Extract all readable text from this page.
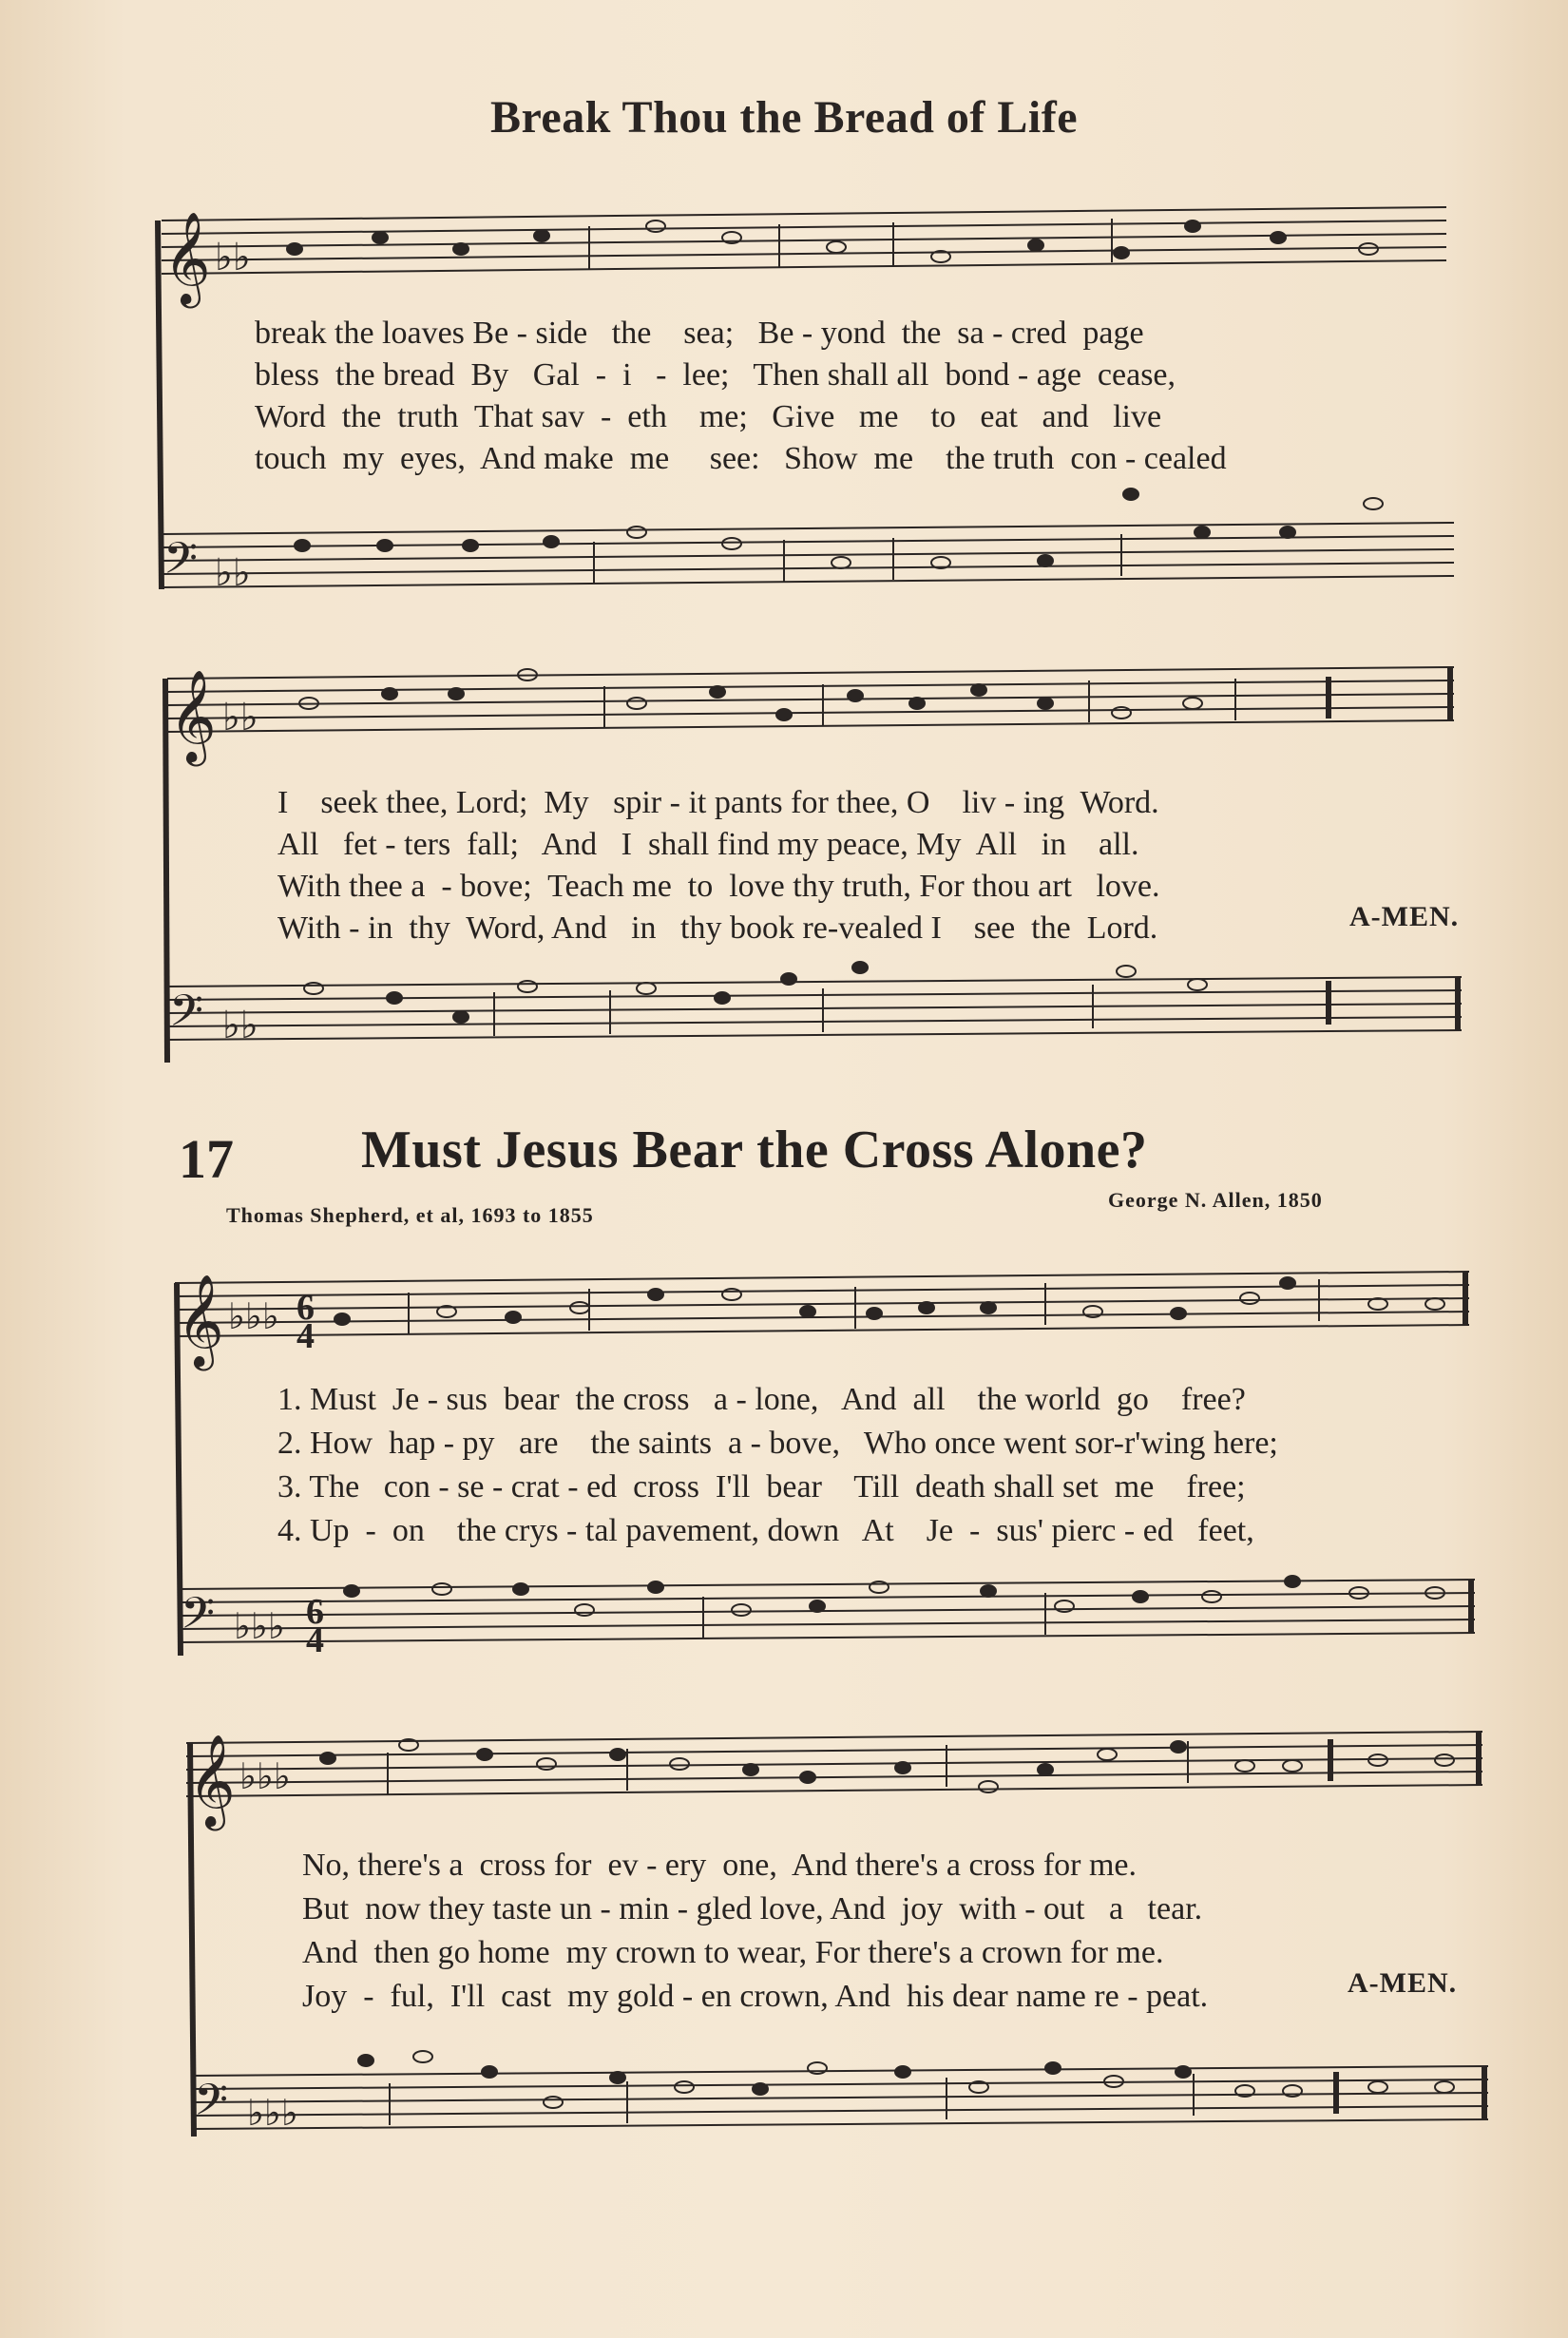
Break Thou the Bread of Life
𝄞
𝄢
𝄞
𝄢
𝄞
𝄢
𝄞
𝄢
♭♭
♭♭
♭♭
♭♭
♭♭♭
♭♭♭
♭♭♭
♭♭♭
6
4
6
4
break the loaves Be - side   the    sea;   Be - yond  the  sa - cred  page
bless  the bread  By   Gal  -  i   -  lee;   Then shall all  bond - age  cease,
Word  the  truth  That sav  -  eth    me;   Give   me    to   eat   and   live
touch  my  eyes,  And make  me     see:   Show  me    the truth  con - cealed
I    seek thee, Lord;  My   spir - it pants for thee, O    liv - ing  Word.
All   fet - ters  fall;   And   I  shall find my peace, My  All   in    all.
With thee a  - bove;  Teach me  to  love thy truth, For thou art   love.
With - in  thy  Word, And   in   thy book re-vealed I    see  the  Lord.	A-MEN.
17 Must Jesus Bear the Cross Alone?
Thomas Shepherd, et al, 1693 to 1855
George N. Allen, 1850
1. Must  Je - sus  bear  the cross   a - lone,   And  all    the world  go    free?
2. How  hap - py   are    the saints  a - bove,   Who once went sor-r'wing here;
3. The   con - se - crat - ed  cross  I'll  bear    Till  death shall set  me    free;
4. Up  -  on    the crys - tal pavement, down   At    Je  -  sus' pierc - ed   feet,
No, there's a  cross for  ev - ery  one,  And there's a cross for me.
But  now they taste un - min - gled love, And  joy  with - out   a   tear.
And  then go home  my crown to wear, For there's a crown for me.
Joy  -  ful,  I'll  cast  my gold - en crown, And  his dear name re - peat.	A-MEN.
